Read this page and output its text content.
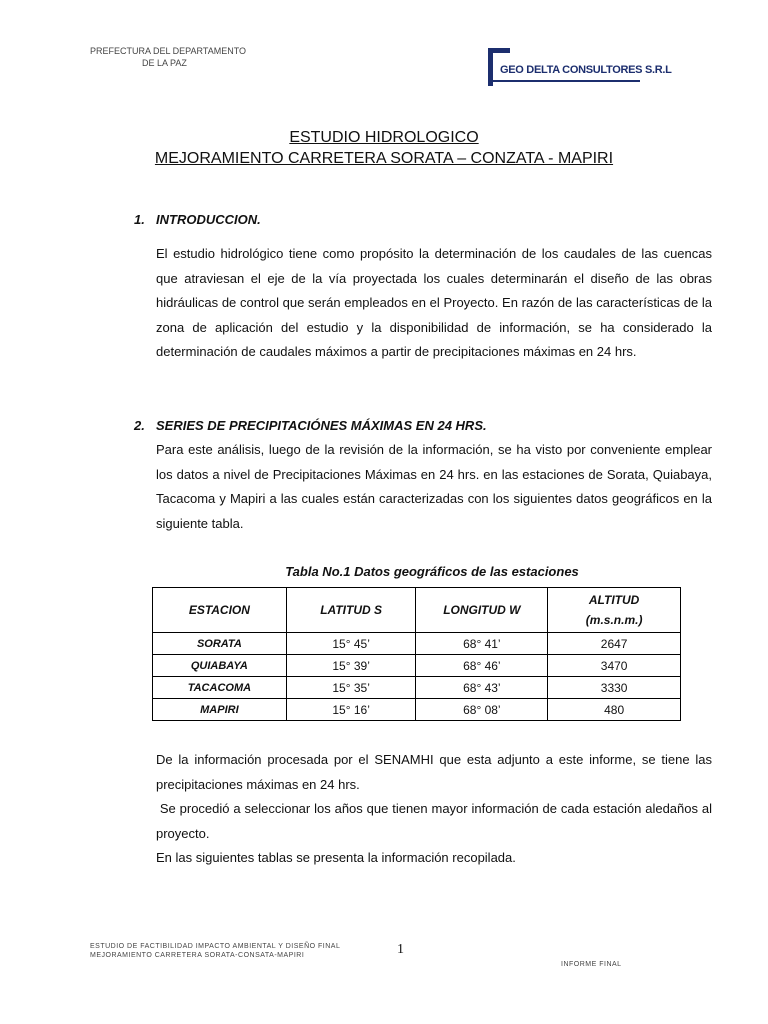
PREFECTURA DEL DEPARTAMENTO
DE LA PAZ
GEO DELTA CONSULTORES S.R.L
ESTUDIO HIDROLOGICO
MEJORAMIENTO CARRETERA SORATA – CONZATA - MAPIRI
1. INTRODUCCION.
El estudio hidrológico tiene como propósito la determinación de los caudales de las cuencas que atraviesan el eje de la vía proyectada los cuales determinarán el diseño de las obras hidráulicas de control que serán empleados en el Proyecto. En razón de las características de la zona de aplicación del estudio y la disponibilidad de información, se ha considerado la determinación de caudales máximos a partir de precipitaciones máximas en 24 hrs.
2. SERIES DE PRECIPITACIÓNES MÁXIMAS EN 24 HRS.
Para este análisis, luego de la revisión de la información, se ha visto por conveniente emplear los datos a nivel de Precipitaciones Máximas en 24 hrs. en las estaciones de Sorata, Quiabaya, Tacacoma y Mapiri a las cuales están caracterizadas con los siguientes datos geográficos en la siguiente tabla.
Tabla No.1 Datos geográficos de las estaciones
ESTACION	LATITUD S	LONGITUD W	ALTITUD
(m.s.n.m.)

SORATA	15° 45’	68° 41’	2647
QUIABAYA	15° 39’	68° 46’	3470
TACACOMA	15° 35’	68° 43’	3330
MAPIRI	15° 16’	68° 08’	480
De la información procesada por el SENAMHI que esta adjunto a este informe, se tiene las precipitaciones máximas en 24 hrs.
Se procedió a seleccionar los años que tienen mayor información de cada estación aledaños al proyecto.
En las siguientes tablas se presenta la información recopilada.
ESTUDIO DE FACTIBILIDAD IMPACTO AMBIENTAL Y DISEÑO FINAL
MEJORAMIENTO CARRETERA SORATA-CONSATA-MAPIRI	1
INFORME FINAL
